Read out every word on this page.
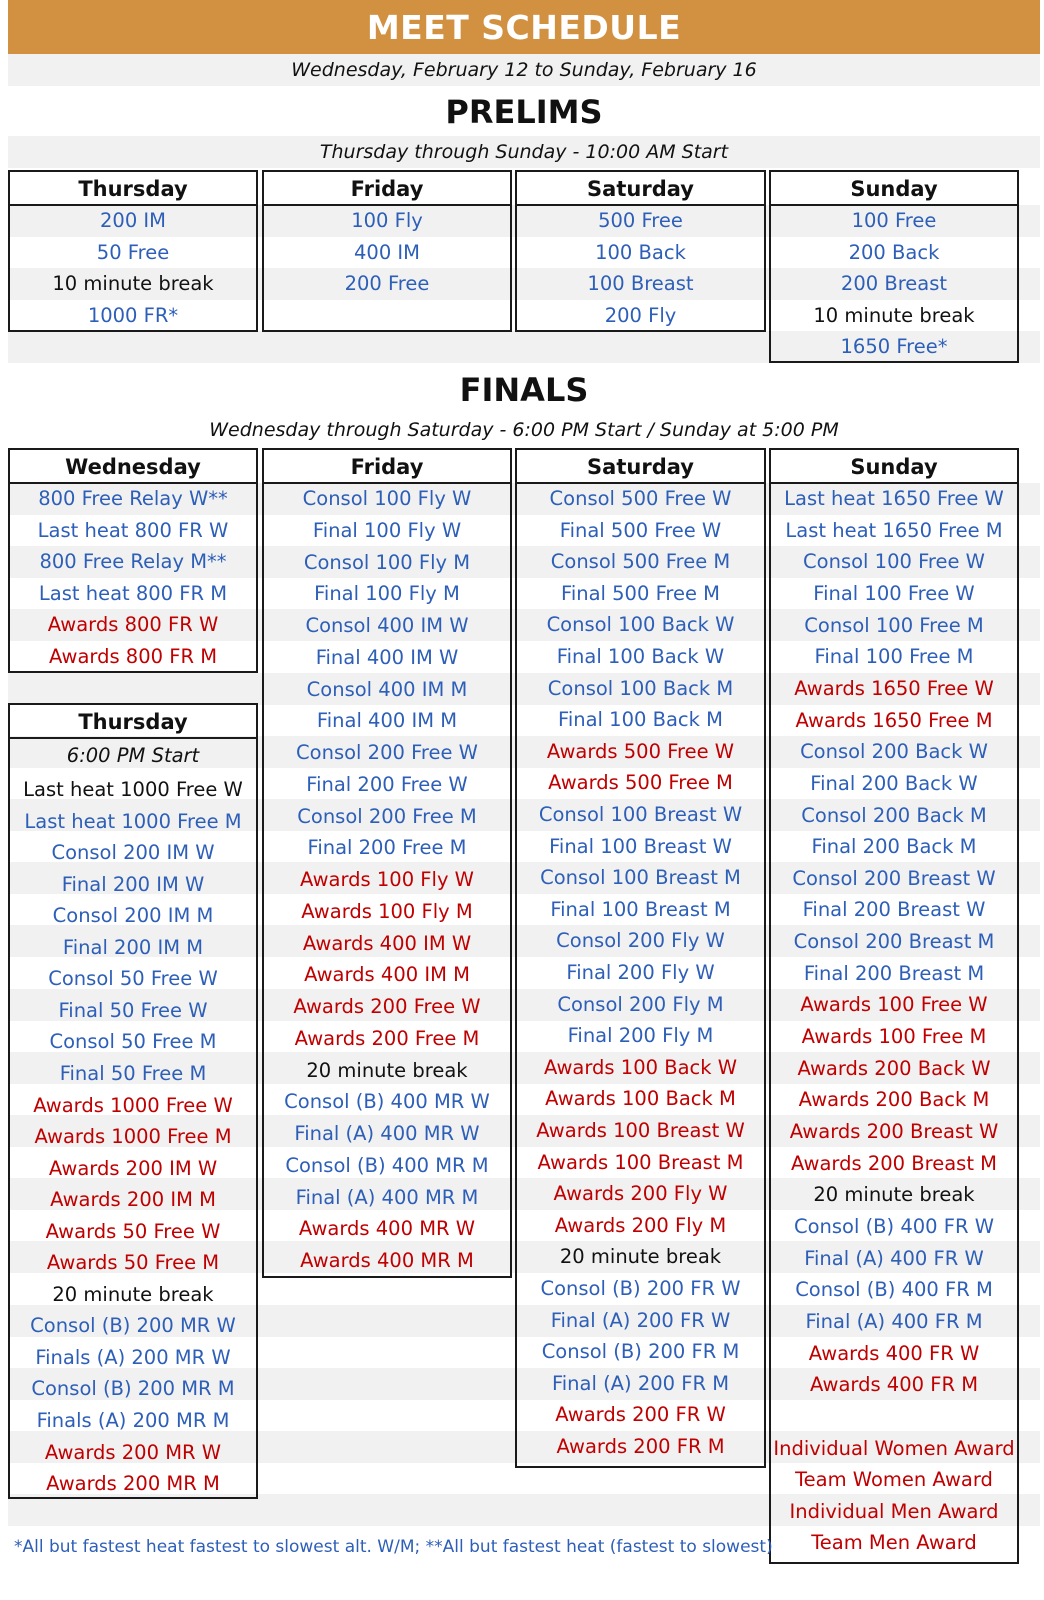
MEET SCHEDULE
Wednesday, February 12 to Sunday, February 16
PRELIMS
Thursday through Sunday - 10:00 AM Start
Thursday
200 IM
50 Free
10 minute break
1000 FR*
Friday
100 Fly
400 IM
200 Free
Saturday
500 Free
100 Back
100 Breast
200 Fly
Sunday
100 Free
200 Back
200 Breast
10 minute break
1650 Free*
FINALS
Wednesday through Saturday - 6:00 PM Start / Sunday at 5:00 PM
Wednesday
800 Free Relay W**
Last heat 800 FR W
800 Free Relay M**
Last heat 800 FR M
Awards 800 FR W
Awards 800 FR M
Thursday
6:00 PM Start
Last heat 1000 Free W
Last heat 1000 Free M
Consol 200 IM W
Final 200 IM W
Consol 200 IM M
Final 200 IM M
Consol 50 Free W
Final 50 Free W
Consol 50 Free M
Final 50 Free M
Awards 1000 Free W
Awards 1000 Free M
Awards 200 IM W
Awards 200 IM M
Awards 50 Free W
Awards 50 Free M
20 minute break
Consol (B) 200 MR W
Finals (A) 200 MR W
Consol (B) 200 MR M
Finals (A) 200 MR M
Awards 200 MR W
Awards 200 MR M
Friday
Consol 100 Fly W
Final 100 Fly W
Consol 100 Fly M
Final 100 Fly M
Consol 400 IM W
Final 400 IM W
Consol 400 IM M
Final 400 IM M
Consol 200 Free W
Final 200 Free W
Consol 200 Free M
Final 200 Free M
Awards 100 Fly W
Awards 100 Fly M
Awards 400 IM W
Awards 400 IM M
Awards 200 Free W
Awards 200 Free M
20 minute break
Consol (B) 400 MR W
Final (A) 400 MR W
Consol (B) 400 MR M
Final (A) 400 MR M
Awards 400 MR W
Awards 400 MR M
Saturday
Consol 500 Free W
Final 500 Free W
Consol 500 Free M
Final 500 Free M
Consol 100 Back W
Final 100 Back W
Consol 100 Back M
Final 100 Back M
Awards 500 Free W
Awards 500 Free M
Consol 100 Breast W
Final 100 Breast W
Consol 100 Breast M
Final 100 Breast M
Consol 200 Fly W
Final 200 Fly W
Consol 200 Fly M
Final 200 Fly M
Awards 100 Back W
Awards 100 Back M
Awards 100 Breast W
Awards 100 Breast M
Awards 200 Fly W
Awards 200 Fly M
20 minute break
Consol (B) 200 FR W
Final (A) 200 FR W
Consol (B) 200 FR M
Final (A) 200 FR M
Awards 200 FR W
Awards 200 FR M
Sunday
Last heat 1650 Free W
Last heat 1650 Free M
Consol 100 Free W
Final 100 Free W
Consol 100 Free M
Final 100 Free M
Awards 1650 Free W
Awards 1650 Free M
Consol 200 Back W
Final 200 Back W
Consol 200 Back M
Final 200 Back M
Consol 200 Breast W
Final 200 Breast W
Consol 200 Breast M
Final 200 Breast M
Awards 100 Free W
Awards 100 Free M
Awards 200 Back W
Awards 200 Back M
Awards 200 Breast W
Awards 200 Breast M
20 minute break
Consol (B) 400 FR W
Final (A) 400 FR W
Consol (B) 400 FR M
Final (A) 400 FR M
Awards 400 FR W
Awards 400 FR M
Individual Women Award
Team Women Award
Individual Men Award
Team Men Award
*All but fastest heat fastest to slowest alt. W/M; **All but fastest heat (fastest to slowest)
